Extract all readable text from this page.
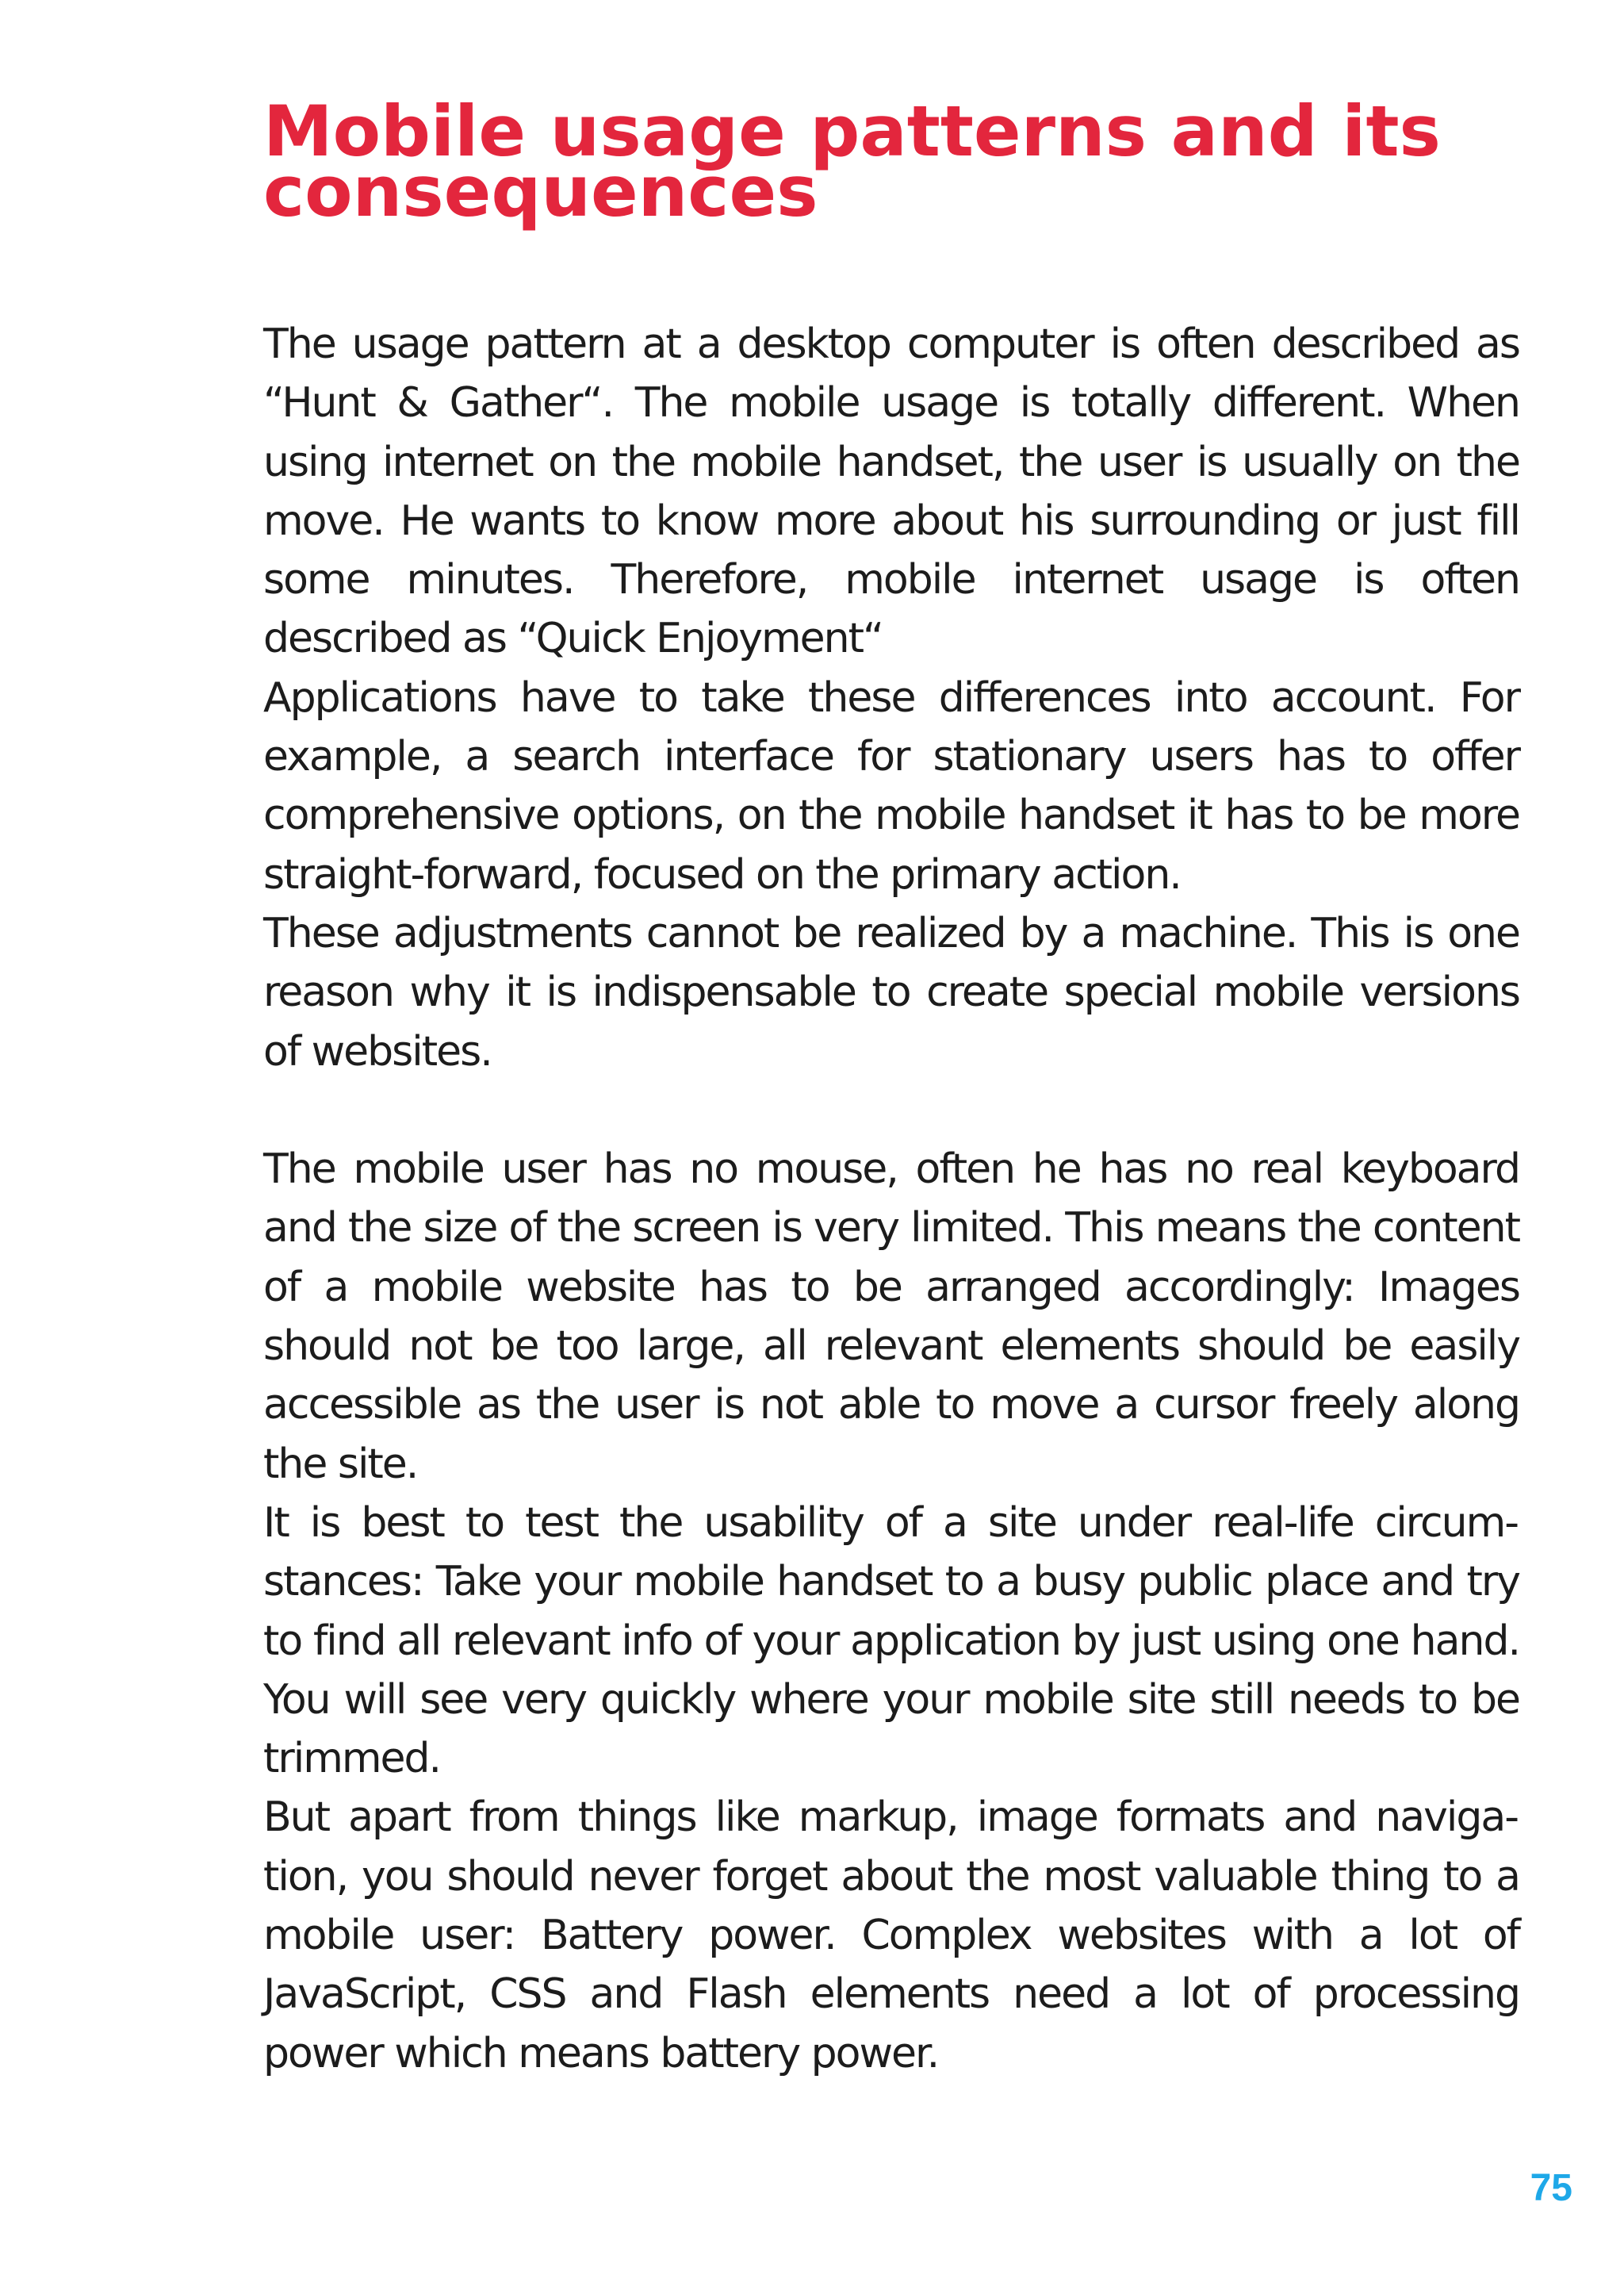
Mobile usage patterns and its consequences

The usage pattern at a desktop computer is often described as “Hunt & Gather“. The mobile usage is totally different. When using internet on the mobile handset, the user is usually on the move. He wants to know more about his surrounding or just fill some minutes. Therefore, mobile internet usage is often described as “Quick Enjoyment“

Applications have to take these differences into account. For example, a search interface for stationary users has to offer comprehensive options, on the mobile handset it has to be more straight-forward, focused on the primary action.

These adjustments cannot be realized by a machine. This is one reason why it is indispensable to create special mobile versions of websites.

The mobile user has no mouse, often he has no real keyboard and the size of the screen is very limited. This means the content of a mobile website has to be arranged accordingly: Images should not be too large, all relevant elements should be easily accessible as the user is not able to move a cursor freely along the site.

It is best to test the usability of a site under real-life circumstances: Take your mobile handset to a busy public place and try to find all relevant info of your application by just using one hand. You will see very quickly where your mobile site still needs to be trimmed.

But apart from things like markup, image formats and navigation, you should never forget about the most valuable thing to a mobile user: Battery power. Complex websites with a lot of JavaScript, CSS and Flash elements need a lot of processing power which means battery power.

75
